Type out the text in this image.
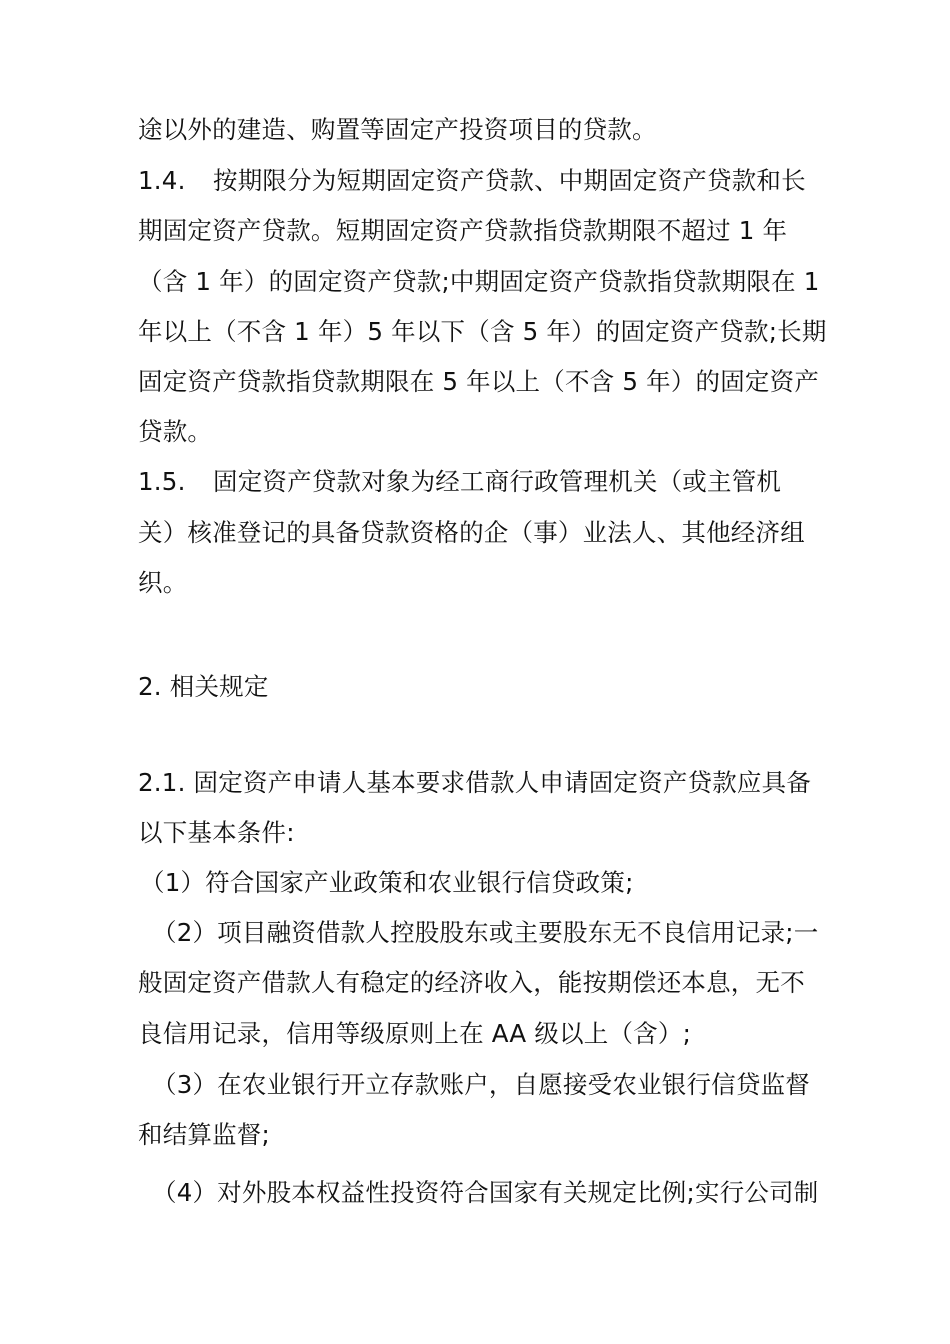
途以外的建造、购置等固定产投资项目的贷款。
1.4. 按期限分为短期固定资产贷款、中期固定资产贷款和长
期固定资产贷款。短期固定资产贷款指贷款期限不超过 1 年
（含 1 年）的固定资产贷款;中期固定资产贷款指贷款期限在 1
年以上（不含 1 年）5 年以下（含 5 年）的固定资产贷款;长期
固定资产贷款指贷款期限在 5 年以上（不含 5 年）的固定资产
贷款。
1.5. 固定资产贷款对象为经工商行政管理机关（或主管机
关）核准登记的具备贷款资格的企（事）业法人、其他经济组
织。
2. 相关规定
2.1. 固定资产申请人基本要求借款人申请固定资产贷款应具备
以下基本条件:
（1）符合国家产业政策和农业银行信贷政策;
（2）项目融资借款人控股股东或主要股东无不良信用记录;一
般固定资产借款人有稳定的经济收入，能按期偿还本息，无不
良信用记录，信用等级原则上在 AA 级以上（含）;
（3）在农业银行开立存款账户，自愿接受农业银行信贷监督
和结算监督;
（4）对外股本权益性投资符合国家有关规定比例;实行公司制
